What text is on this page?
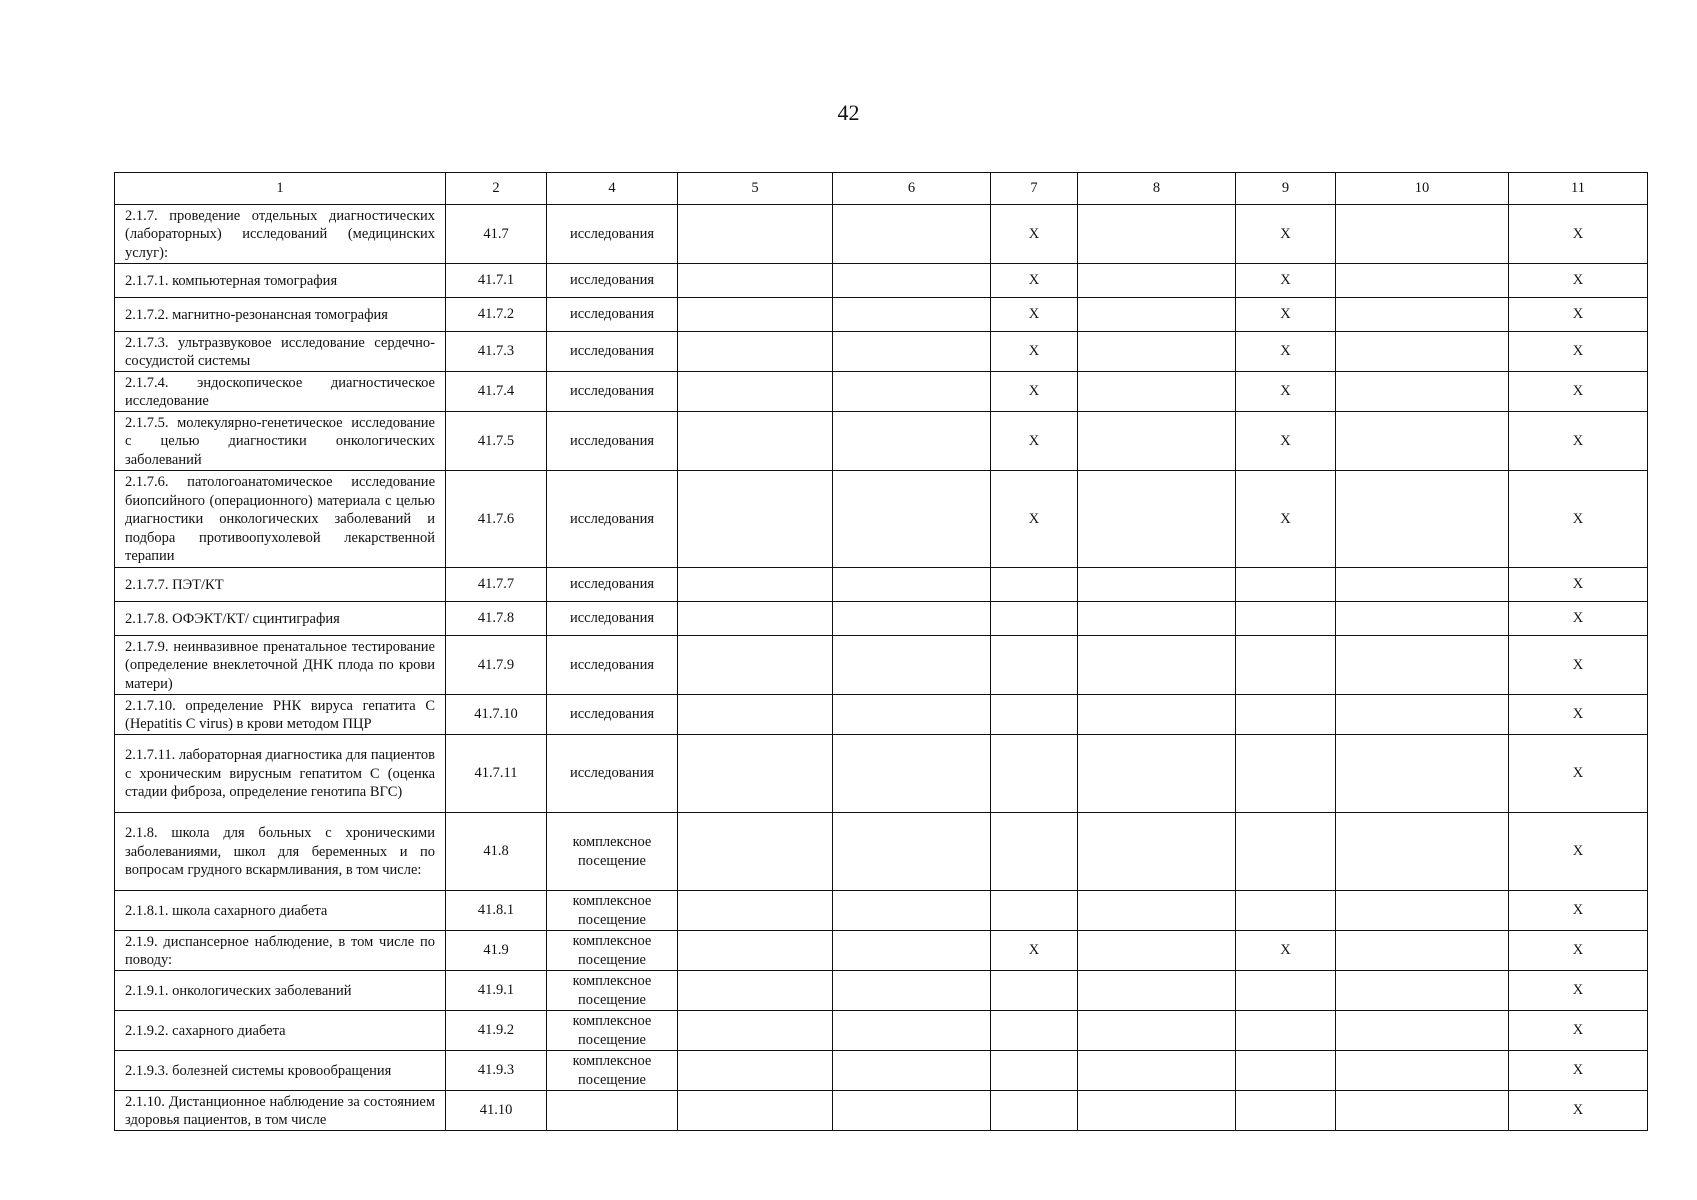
42
1	2	4	5	6	7	8	9	10	11
2.1.7. проведение отдельных диагностических (лабораторных) исследований (медицинских услуг):	41.7	исследования			X		X		X
2.1.7.1. компьютерная томография	41.7.1	исследования			X		X		X
2.1.7.2. магнитно-резонансная томография	41.7.2	исследования			X		X		X
2.1.7.3. ультразвуковое исследование сердечно-сосудистой системы	41.7.3	исследования			X		X		X
2.1.7.4. эндоскопическое диагностическое исследование	41.7.4	исследования			X		X		X
2.1.7.5. молекулярно-генетическое исследование с целью диагностики онкологических заболеваний	41.7.5	исследования			X		X		X
2.1.7.6. патологоанатомическое исследование биопсийного (операционного) материала с целью диагностики онкологических заболеваний и подбора противоопухолевой лекарственной терапии	41.7.6	исследования			X		X		X
2.1.7.7. ПЭТ/КТ	41.7.7	исследования							X
2.1.7.8. ОФЭКТ/КТ/ сцинтиграфия	41.7.8	исследования							X
2.1.7.9. неинвазивное пренатальное тестирование (определение внеклеточной ДНК плода по крови матери)	41.7.9	исследования							X
2.1.7.10. определение РНК вируса гепатита С (Hepatitis C virus) в крови методом ПЦР	41.7.10	исследования							X
2.1.7.11. лабораторная диагностика для пациентов с хроническим вирусным гепатитом С (оценка стадии фиброза, определение генотипа ВГС)	41.7.11	исследования							X
2.1.8. школа для больных с хроническими заболеваниями, школ для беременных и по вопросам грудного вскармливания, в том числе:	41.8	комплексное посещение							X
2.1.8.1. школа сахарного диабета	41.8.1	комплексное посещение							X
2.1.9. диспансерное наблюдение, в том числе по поводу:	41.9	комплексное посещение			X		X		X
2.1.9.1. онкологических заболеваний	41.9.1	комплексное посещение							X
2.1.9.2. сахарного диабета	41.9.2	комплексное посещение							X
2.1.9.3. болезней системы кровообращения	41.9.3	комплексное посещение							X
2.1.10. Дистанционное наблюдение за состоянием здоровья пациентов, в том числе	41.10								X
